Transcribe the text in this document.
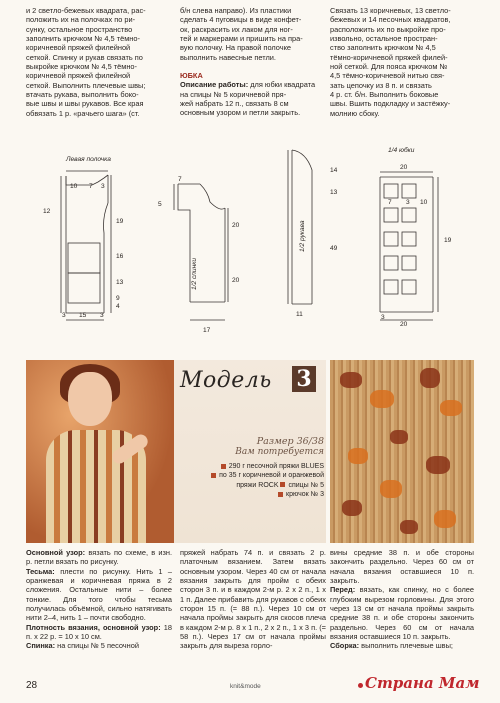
и 2 светло-бежевых квадрата, рас-

положить их на полочках по ри-

сунку, остальное пространство

заполнить крючком № 4,5 тёмно-

коричневой пряжей филейной

сеткой. Спинку и рукав связать по

выкройке крючком № 4,5 тёмно-

коричневой пряжей филейной

сеткой. Выполнить плечевые швы;

втачать рукава, выполнить боко-

вые швы и швы рукавов. Все края

обвязать 1 р. «рачьего шага» (ст.

б/н слева направо). Из пластики

сделать 4 пуговицы в виде конфет-

ок, раскрасить их лаком для ног-

тей и маркерами и пришить на пра-

вую полочку. На правой полочке

выполнить навесные петли.

ЮБКА

Описание работы: для юбки квадрата

на спицы № 5 коричневой пря-

жей набрать 12 п., связать 8 см

основным узором и петли закрыть.

Связать 13 коричневых, 13 светло-

бежевых и 14 песочных квадратов,

расположить их по выкройке про-

извольно, остальное простран-

ство заполнить крючком № 4,5

тёмно-коричневой пряжей филей-

ной сеткой. Для пояса крючком №

4,5 тёмно-коричневой нитью свя-

зать цепочку из 8 п. и связать

4 р. ст. б/н. Выполнить боковые

швы. Вшить подкладку и застёжку-

молнию сбоку.

Левая полочка
10 7 3
12
19
16
13
3 15 3
9
4
7
5
20
20
17
1/2 спинки
14
13
49
11
1/2 рукава
1/4 юбки
20
19
7 3 10
3
20
Модель 3
Размер 36/38
Вам потребуется
290 г песочной пряжи BLUES
по 35 г коричневой и оранжевой
пряжи ROCK спицы № 5
крючок № 3
Основной узор: вязать по схеме, в изн. р. петли вязать по рисунку.
Тесьма: плести по рисунку. Нить 1 – оранжевая и коричневая пряжа в 2 сложения. Остальные нити – более тонкие. Для того чтобы тесьма получилась объёмной, сильно натягивать нити 2–4, нить 1 – почти свободно.
Плотность вязания, основной узор: 18 п. х 22 р. = 10 х 10 см.
Спинка: на спицы № 5 песочной
пряжей набрать 74 п. и связать 2 р. платочным вязанием. Затем вязать основным узором. Через 40 см от начала вязания закрыть для пройм с обеих сторон 3 п. и в каждом 2-м р. 2 х 2 п., 1 х 1 п. Далее прибавить для рукавов с обеих сторон 15 п. (= 88 п.). Через 10 см от начала проймы закрыть для скосов плеча в каждом 2-м р. 8 х 1 п., 2 х 2 п., 1 х 3 п. (= 58 п.). Через 17 см от начала проймы закрыть для выреза горло-
вины средние 38 п. и обе стороны закончить раздельно. Через 60 см от начала вязания оставшиеся 10 п. закрыть.
Перед: вязать, как спинку, но с более глубоким вырезом горловины. Для этого через 13 см от начала проймы закрыть средние 38 п. и обе стороны закончить раздельно. Через 60 см от начала вязания оставшиеся 10 п. закрыть.
Сборка: выполнить плечевые швы;
28	knit&mode	Страна Мам
